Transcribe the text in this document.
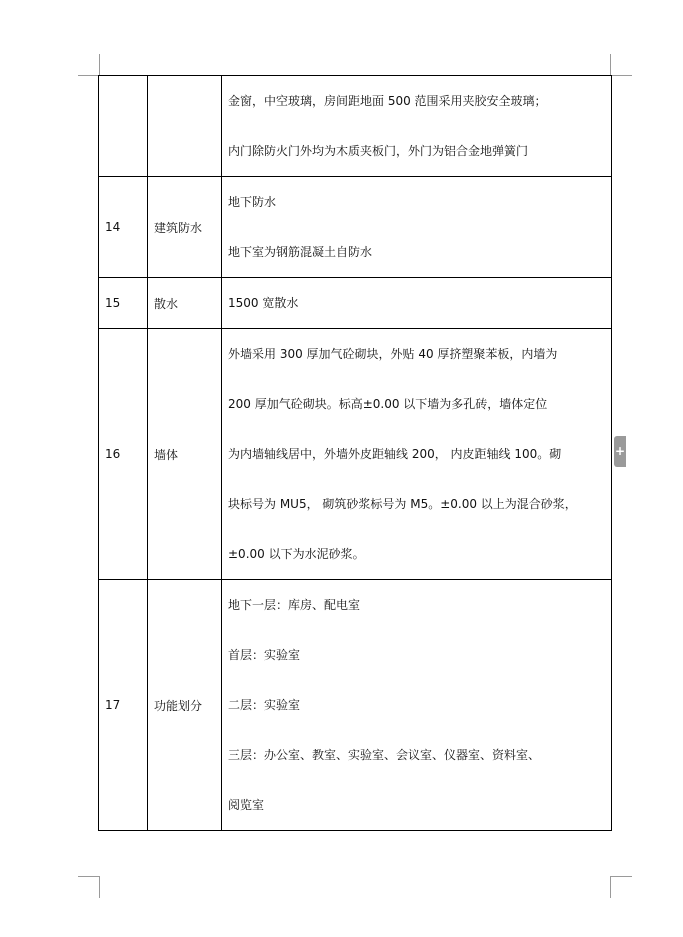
		金窗，中空玻璃，房间距地面 500 范围采用夹胶安全玻璃；
内门除防火门外均为木质夹板门，外门为铝合金地弹簧门

14	建筑防水	地下防水
地下室为钢筋混凝土自防水

15	散水	1500 宽散水

16	墙体	外墙采用 300 厚加气砼砌块，外贴 40 厚挤塑聚苯板，内墙为
200 厚加气砼砌块。标高±0.00 以下墙为多孔砖，墙体定位
为内墙轴线居中，外墙外皮距轴线 200， 内皮距轴线 100。砌
块标号为 MU5， 砌筑砂浆标号为 M5。±0.00 以上为混合砂浆，
±0.00 以下为水泥砂浆。

17	功能划分	地下一层：库房、配电室
首层：实验室
二层：实验室
三层：办公室、教室、实验室、会议室、仪器室、资料室、
阅览室
+
